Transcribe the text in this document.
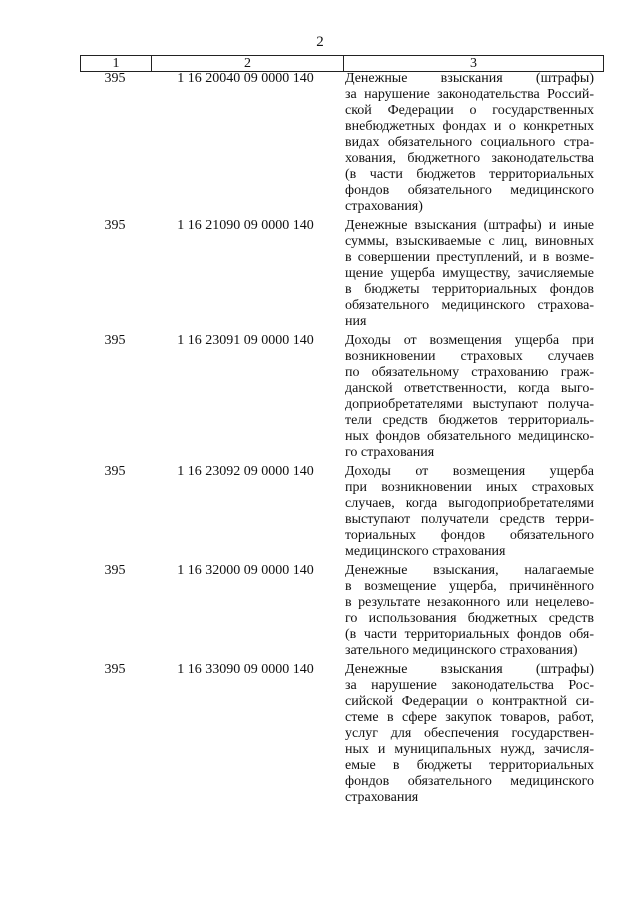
2
1	2	3
395	1 16 20040 09 0000 140	Денежные взыскания (штрафы)
за нарушение законодательства Россий-
ской Федерации о государственных
внебюджетных фондах и о конкретных
видах обязательного социального стра-
хования, бюджетного законодательства
(в части бюджетов территориальных
фондов обязательного медицинского
страхования)
395	1 16 21090 09 0000 140	Денежные взыскания (штрафы) и иные
суммы, взыскиваемые с лиц, виновных
в совершении преступлений, и в возме-
щение ущерба имуществу, зачисляемые
в бюджеты территориальных фондов
обязательного медицинского страхова-
ния
395	1 16 23091 09 0000 140	Доходы от возмещения ущерба при
возникновении страховых случаев
по обязательному страхованию граж-
данской ответственности, когда выго-
доприобретателями выступают получа-
тели средств бюджетов территориаль-
ных фондов обязательного медицинско-
го страхования
395	1 16 23092 09 0000 140	Доходы от возмещения ущерба
при возникновении иных страховых
случаев, когда выгодоприобретателями
выступают получатели средств терри-
ториальных фондов обязательного
медицинского страхования
395	1 16 32000 09 0000 140	Денежные взыскания, налагаемые
в возмещение ущерба, причинённого
в результате незаконного или нецелево-
го использования бюджетных средств
(в части территориальных фондов обя-
зательного медицинского страхования)
395	1 16 33090 09 0000 140	Денежные взыскания (штрафы)
за нарушение законодательства Рос-
сийской Федерации о контрактной си-
стеме в сфере закупок товаров, работ,
услуг для обеспечения государствен-
ных и муниципальных нужд, зачисля-
емые в бюджеты территориальных
фондов обязательного медицинского
страхования
